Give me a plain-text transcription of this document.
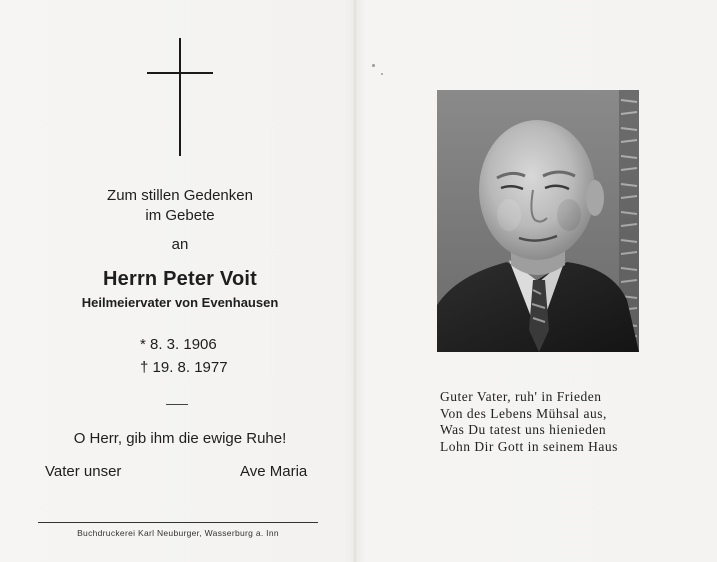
Zum stillen Gedenken
im Gebete
an
Herrn Peter Voit
Heilmeiervater von Evenhausen
* 8. 3. 1906
† 19. 8. 1977
O Herr, gib ihm die ewige Ruhe!
Vater unser	Ave Maria
Buchdruckerei Karl Neuburger, Wasserburg a. Inn
Guter Vater, ruh' in Frieden
Von des Lebens Mühsal aus,
Was Du tatest uns hienieden
Lohn Dir Gott in seinem Haus
